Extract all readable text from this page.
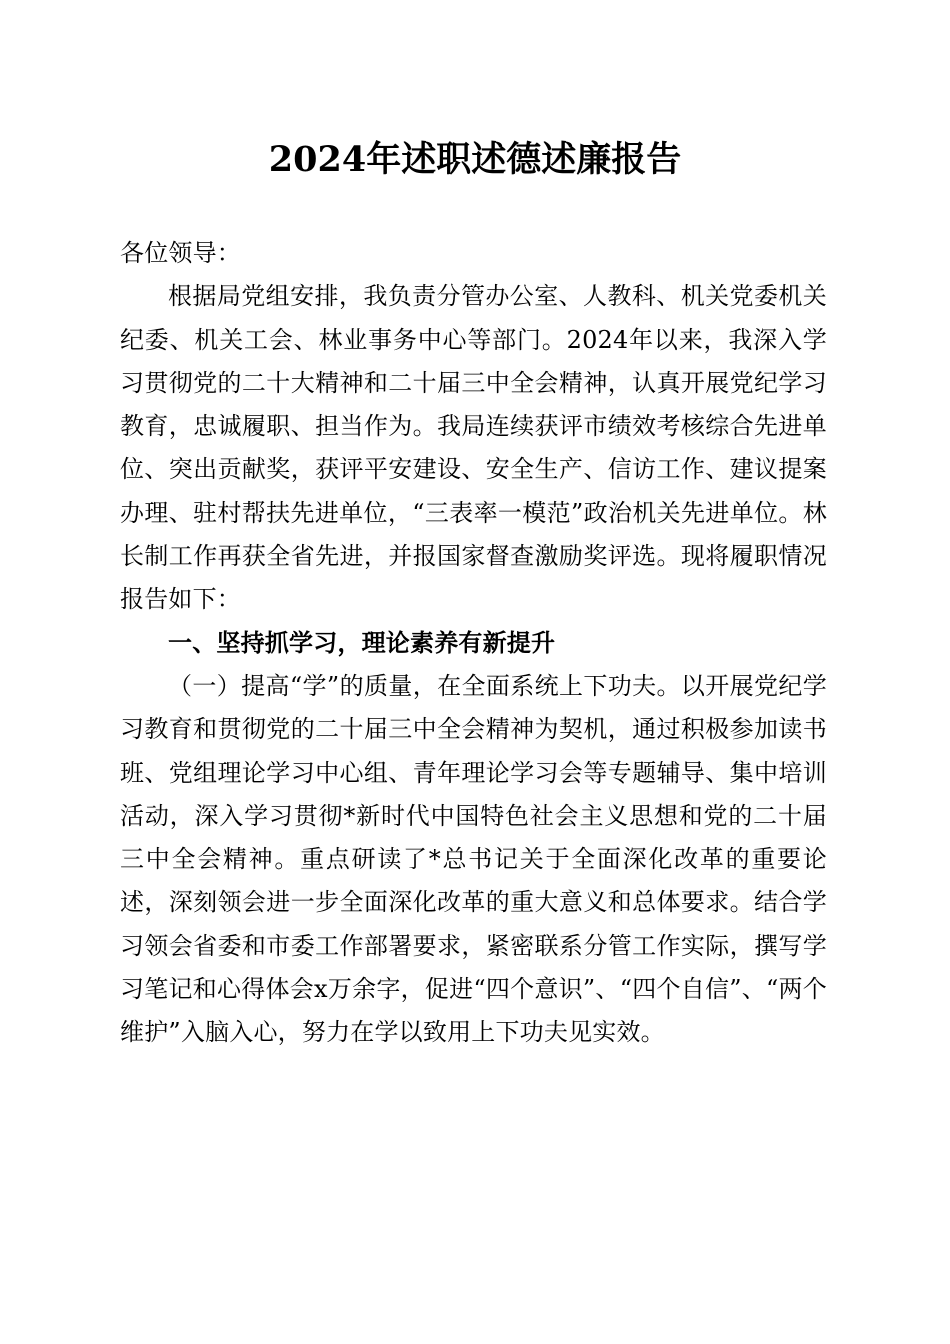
2024年述职述德述廉报告

各位领导：

根据局党组安排，我负责分管办公室、人教科、机关党委机关纪委、机关工会、林业事务中心等部门。2024年以来，我深入学习贯彻党的二十大精神和二十届三中全会精神，认真开展党纪学习教育，忠诚履职、担当作为。我局连续获评市绩效考核综合先进单位、突出贡献奖，获评平安建设、安全生产、信访工作、建议提案办理、驻村帮扶先进单位，“三表率一模范”政治机关先进单位。林长制工作再获全省先进，并报国家督查激励奖评选。现将履职情况报告如下：

一、坚持抓学习，理论素养有新提升

（一）提高“学”的质量，在全面系统上下功夫。以开展党纪学习教育和贯彻党的二十届三中全会精神为契机，通过积极参加读书班、党组理论学习中心组、青年理论学习会等专题辅导、集中培训活动，深入学习贯彻*新时代中国特色社会主义思想和党的二十届三中全会精神。重点研读了*总书记关于全面深化改革的重要论述，深刻领会进一步全面深化改革的重大意义和总体要求。结合学习领会省委和市委工作部署要求，紧密联系分管工作实际，撰写学习笔记和心得体会x万余字，促进“四个意识”、“四个自信”、“两个维护”入脑入心，努力在学以致用上下功夫见实效。
